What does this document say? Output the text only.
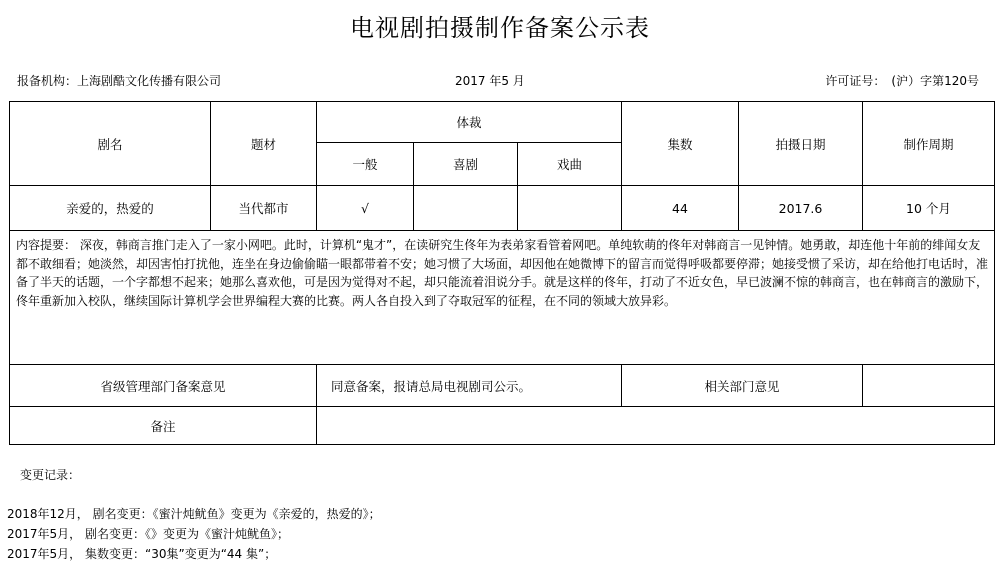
电视剧拍摄制作备案公示表
报备机构：上海剧酷文化传播有限公司	2017 年5 月	许可证号：　(沪）字第120号
剧名	题材	体裁			集数	拍摄日期	制作周期
		一般	喜剧	戏曲			
亲爱的，热爱的	当代都市	√			44	2017.6	10 个月
内容提要： 深夜，韩商言推门走入了一家小网吧。此时，计算机“鬼才”，在读研究生佟年为表弟家看管着网吧。单纯软萌的佟年对韩商言一见钟情。她勇敢，却连他十年前的绯闻女友都不敢细看；她淡然，却因害怕打扰他，连坐在身边偷偷瞄一眼都带着不安；她习惯了大场面，却因他在她微博下的留言而觉得呼吸都要停滞；她接受惯了采访，却在给他打电话时，准备了半天的话题，一个字都想不起来；她那么喜欢他，可是因为觉得对不起，却只能流着泪说分手。就是这样的佟年，打动了不近女色，早已波澜不惊的韩商言，也在韩商言的激励下，佟年重新加入校队，继续国际计算机学会世界编程大赛的比赛。两人各自投入到了夺取冠军的征程，在不同的领域大放异彩。							
省级管理部门备案意见		同意备案，报请总局电视剧司公示。			相关部门意见		
备注							
变更记录：
2018年12月， 剧名变更：《蜜汁炖鱿鱼》变更为《亲爱的，热爱的》；
2017年5月， 剧名变更：《》变更为《蜜汁炖鱿鱼》；
2017年5月， 集数变更：“30集”变更为“44 集”；
